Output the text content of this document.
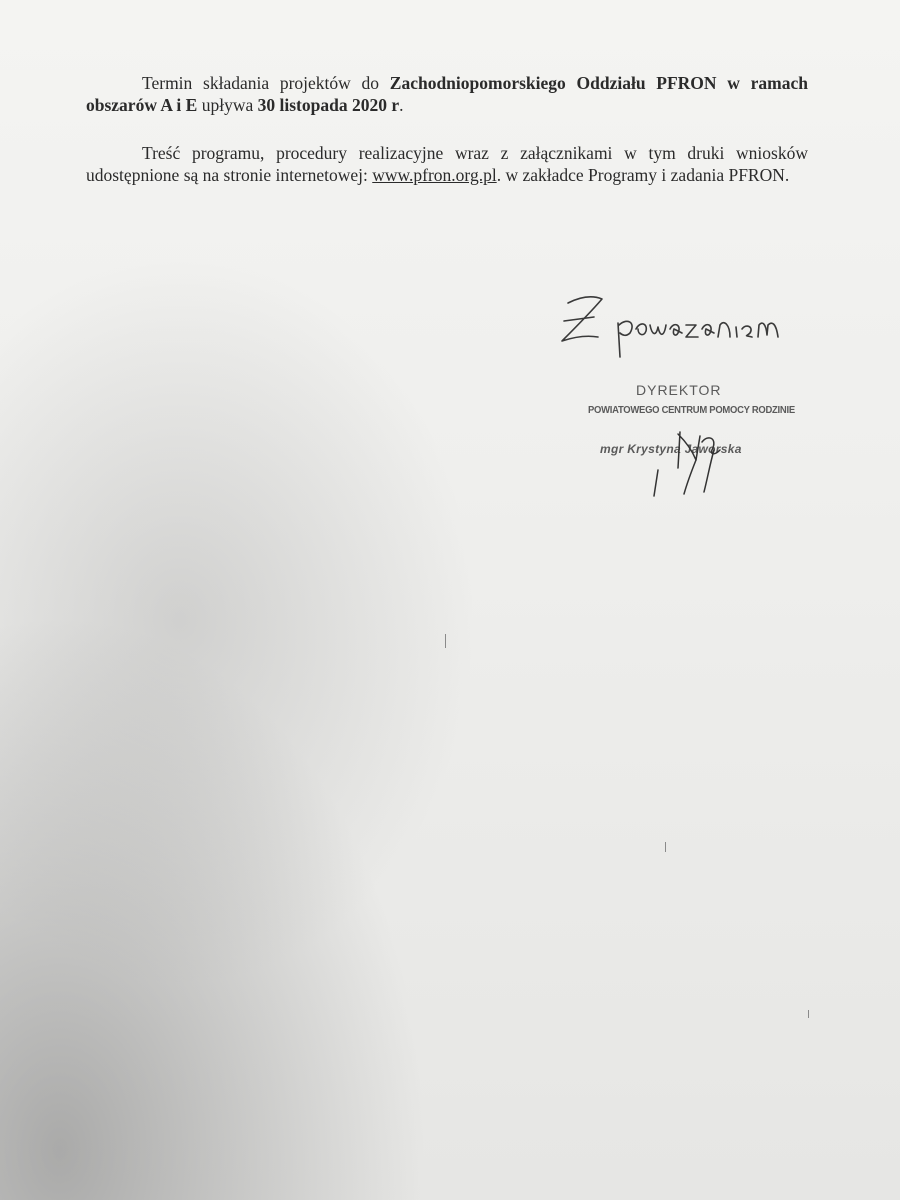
Termin składania projektów do Zachodniopomorskiego Oddziału PFRON w ramach obszarów A i E upływa 30 listopada 2020 r.
Treść programu, procedury realizacyjne wraz z załącznikami w tym druki wniosków udostępnione są na stronie internetowej: www.pfron.org.pl. w zakładce Programy i zadania PFRON.
DYREKTOR
POWIATOWEGO CENTRUM POMOCY RODZINIE
mgr Krystyna Jaworska
